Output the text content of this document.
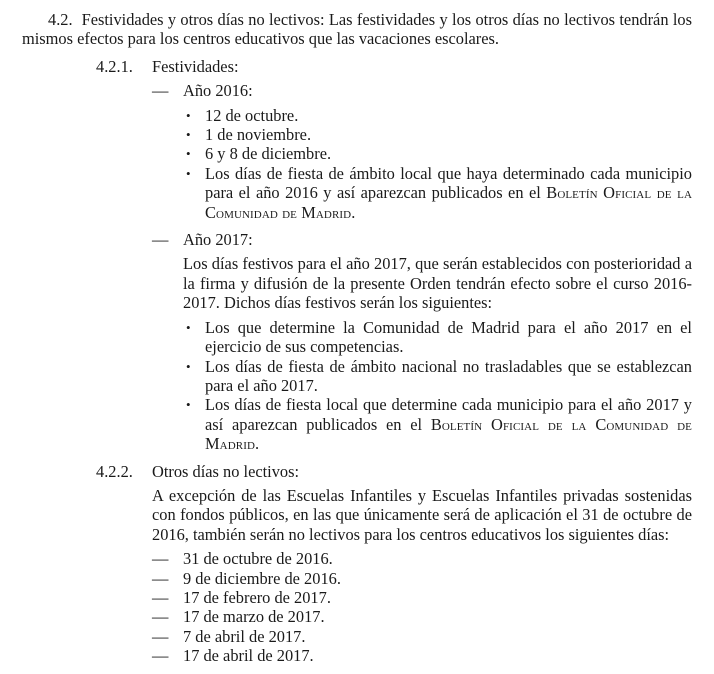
4.2. Festividades y otros días no lectivos: Las festividades y los otros días no lectivos tendrán los mismos efectos para los centros educativos que las vacaciones escolares.

4.2.1.	Festividades:

— Año 2016:

• 12 de octubre.

• 1 de noviembre.

• 6 y 8 de diciembre.

• Los días de fiesta de ámbito local que haya determinado cada municipio para el año 2016 y así aparezcan publicados en el Boletín Oficial de la Comunidad de Madrid.

— Año 2017:

Los días festivos para el año 2017, que serán establecidos con posterioridad a la firma y difusión de la presente Orden tendrán efecto sobre el curso 2016-2017. Dichos días festivos serán los siguientes:

• Los que determine la Comunidad de Madrid para el año 2017 en el ejercicio de sus competencias.

• Los días de fiesta de ámbito nacional no trasladables que se establezcan para el año 2017.

• Los días de fiesta local que determine cada municipio para el año 2017 y así aparezcan publicados en el Boletín Oficial de la Comunidad de Madrid.

4.2.2.	Otros días no lectivos:

A excepción de las Escuelas Infantiles y Escuelas Infantiles privadas sostenidas con fondos públicos, en las que únicamente será de aplicación el 31 de octubre de 2016, también serán no lectivos para los centros educativos los siguientes días:

— 31 de octubre de 2016.

— 9 de diciembre de 2016.

— 17 de febrero de 2017.

— 17 de marzo de 2017.

— 7 de abril de 2017.

— 17 de abril de 2017.
